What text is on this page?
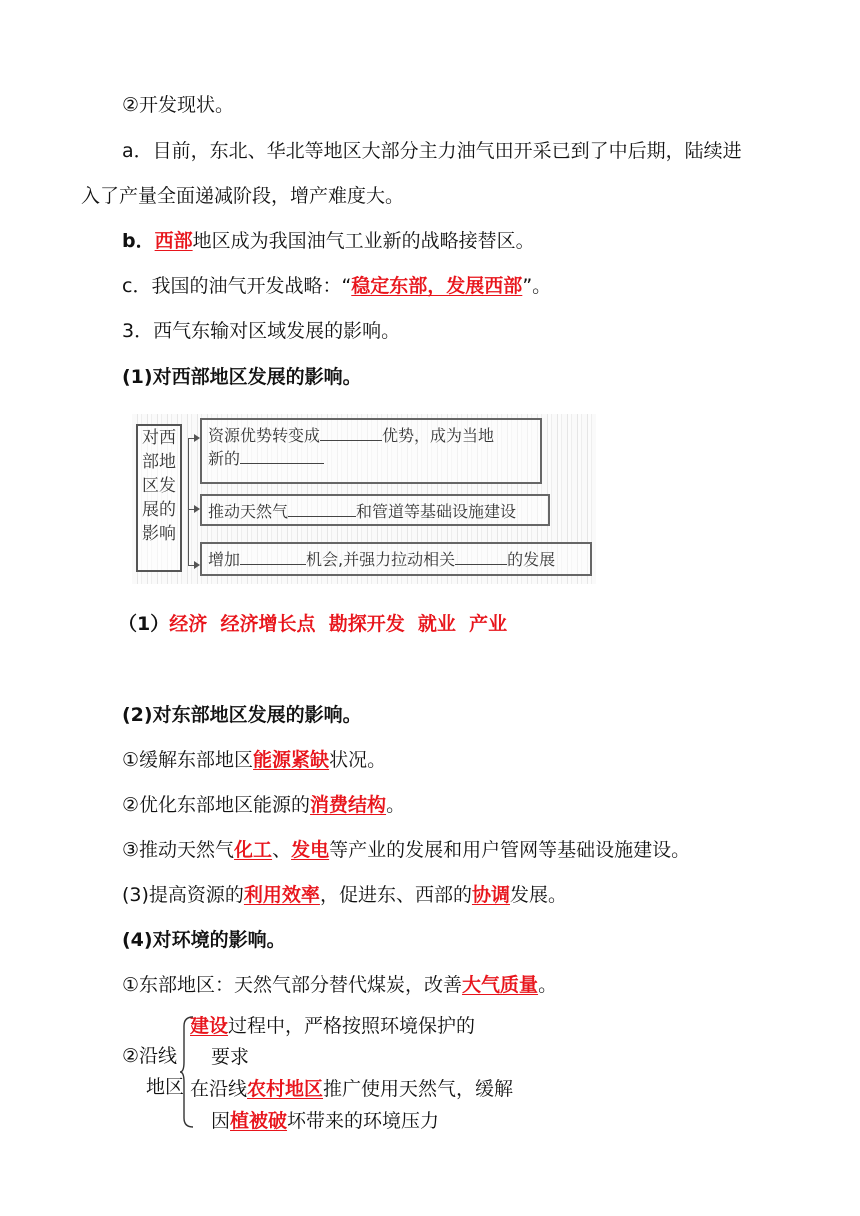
②开发现状。
a．目前，东北、华北等地区大部分主力油气田开采已到了中后期，陆续进
入了产量全面递减阶段，增产难度大。
b．西部地区成为我国油气工业新的战略接替区。
c．我国的油气开发战略：“稳定东部，发展西部”。
3．西气东输对区域发展的影响。
(1)对西部地区发展的影响。
对西
部地
区发
展的
影响
资源优势转变成	优势，成为当地
新的
推动天然气	和管道等基础设施建设
增加	机会,并强力拉动相关	的发展
（1）经济  经济增长点  勘探开发  就业  产业
(2)对东部地区发展的影响。
①缓解东部地区能源紧缺状况。
②优化东部地区能源的消费结构。
③推动天然气化工、发电等产业的发展和用户管网等基础设施建设。
(3)提高资源的利用效率，促进东、西部的协调发展。
(4)对环境的影响。
①东部地区：天然气部分替代煤炭，改善大气质量。
②沿线
地区
建设过程中，严格按照环境保护的
要求
在沿线农村地区推广使用天然气，缓解
因植被破坏带来的环境压力
